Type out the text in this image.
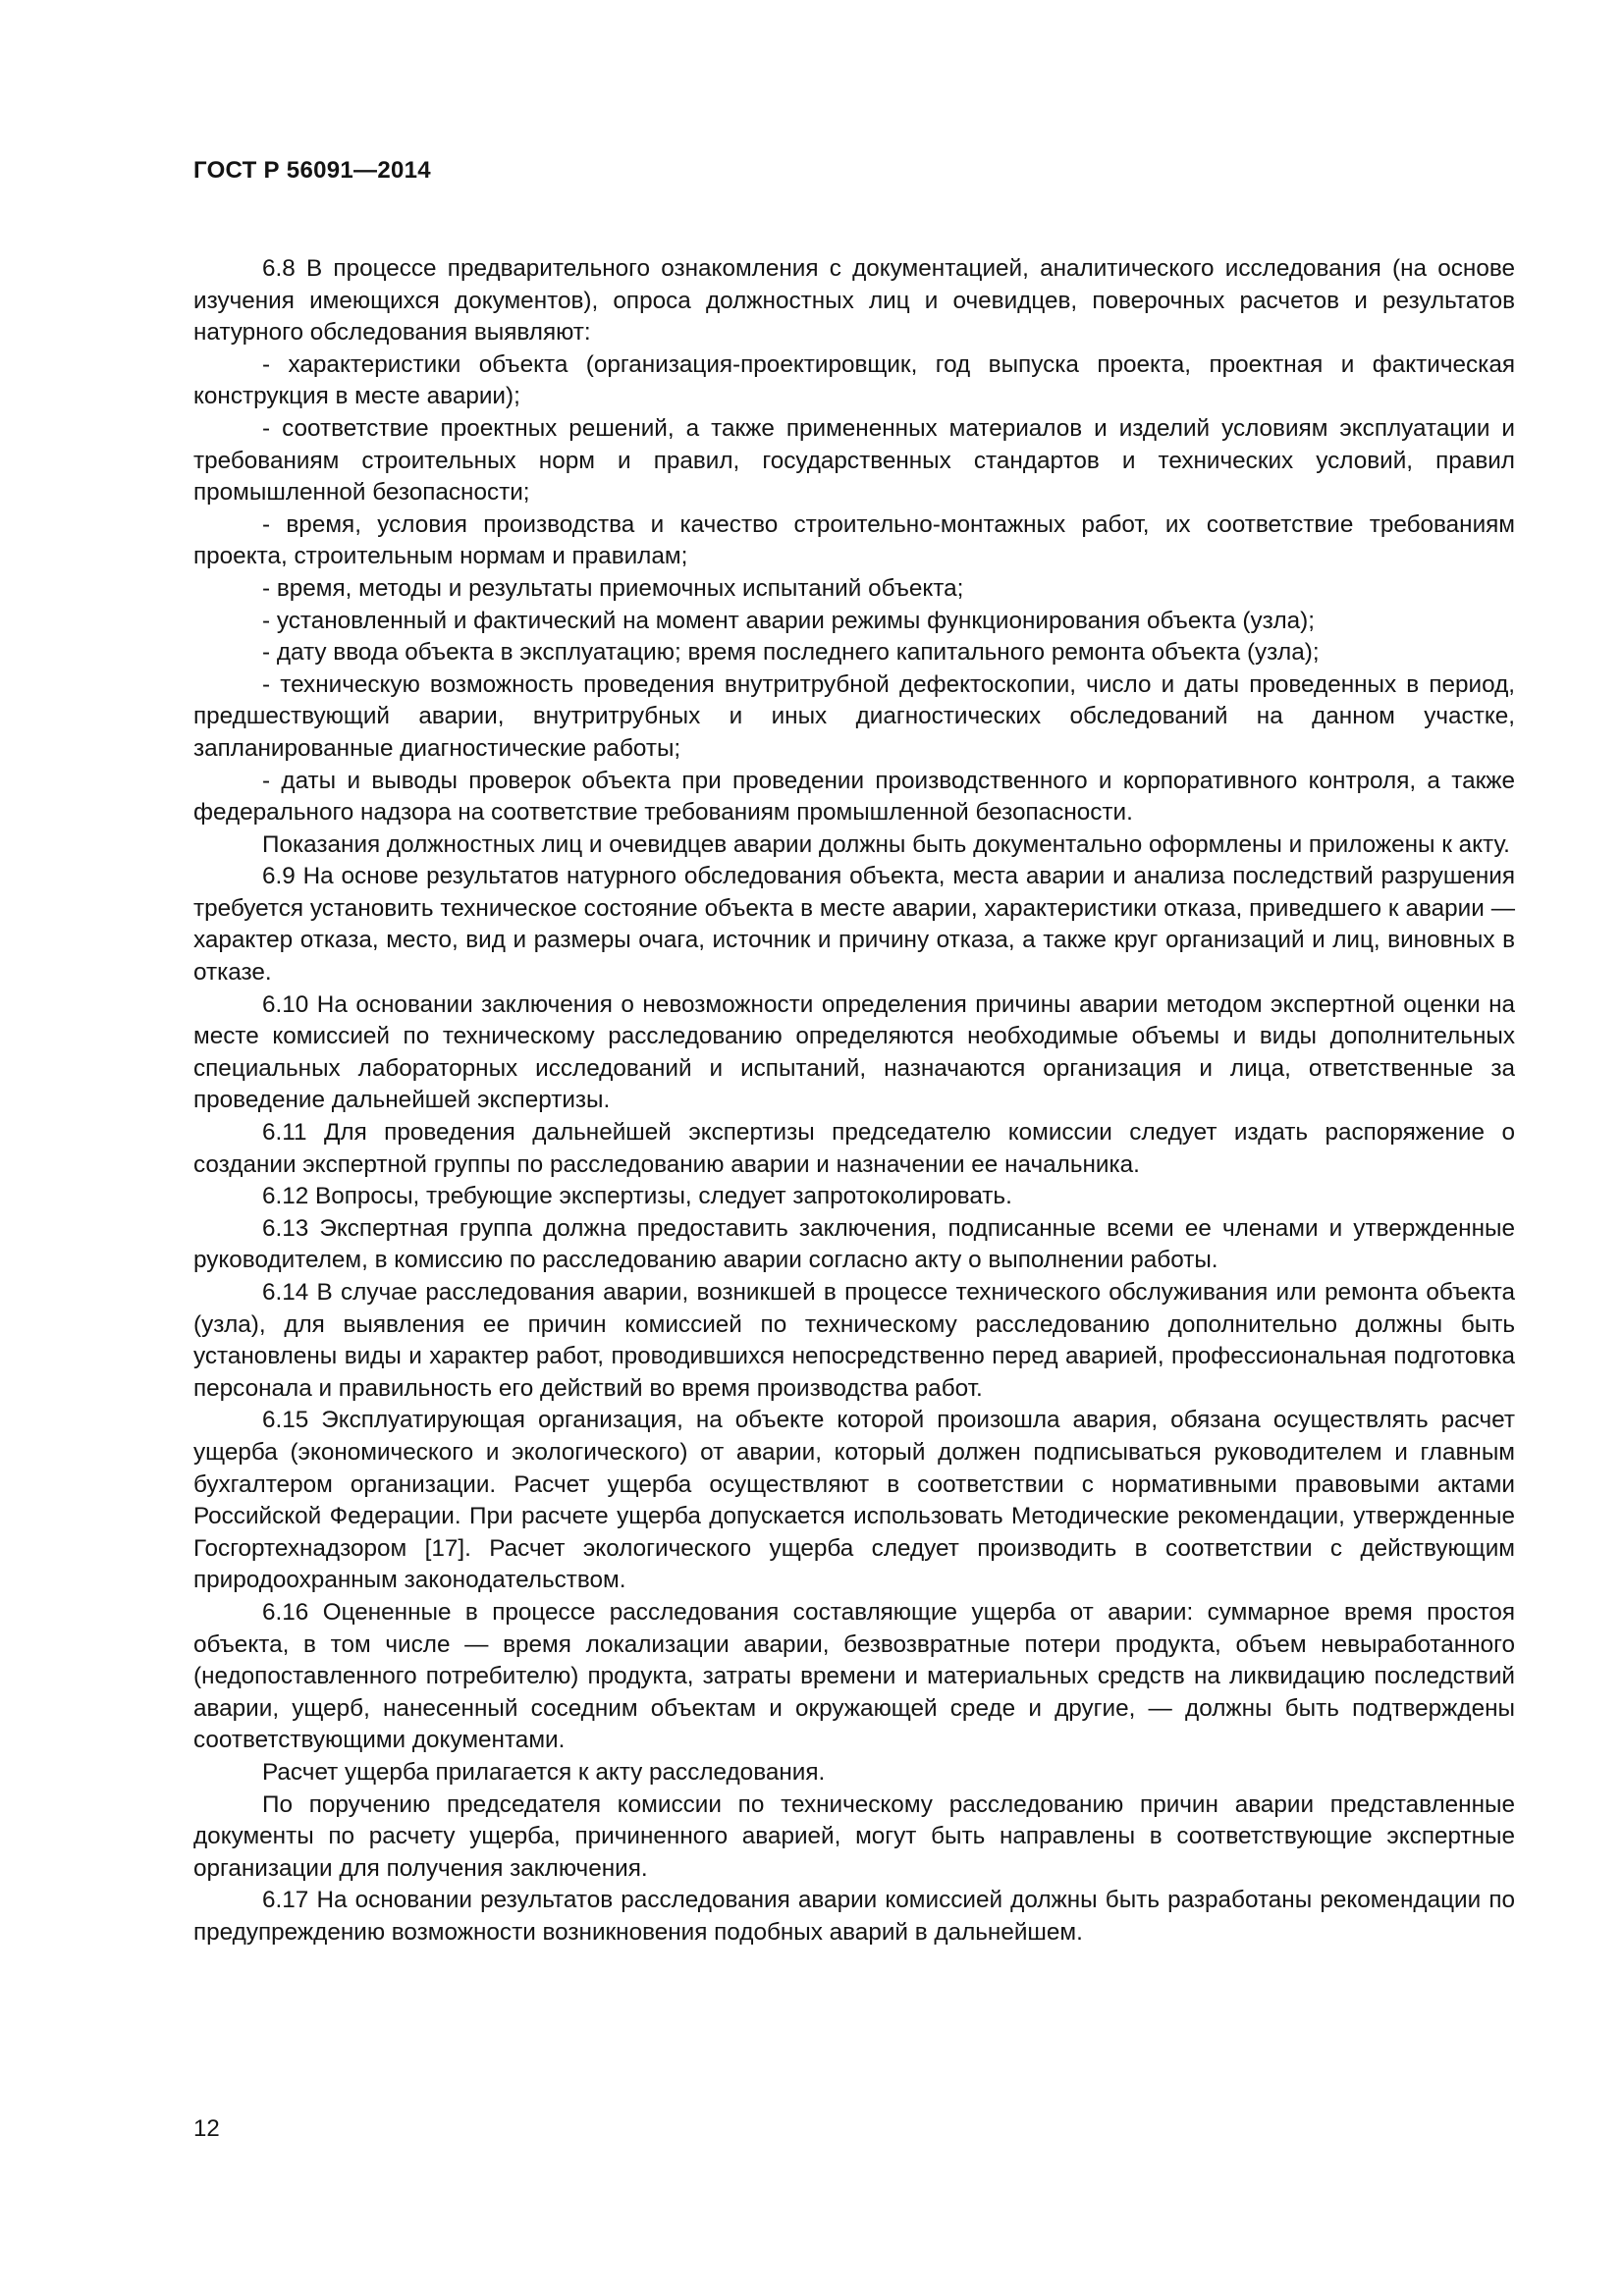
ГОСТ Р 56091—2014

6.8 В процессе предварительного ознакомления с документацией, аналитического исследования (на основе изучения имеющихся документов), опроса должностных лиц и очевидцев, поверочных расчетов и результатов натурного обследования выявляют:

- характеристики объекта (организация-проектировщик, год выпуска проекта, проектная и фактическая конструкция в месте аварии);

- соответствие проектных решений, а также примененных материалов и изделий условиям эксплуатации и требованиям строительных норм и правил, государственных стандартов и технических условий, правил промышленной безопасности;

- время, условия производства и качество строительно-монтажных работ, их соответствие требованиям проекта, строительным нормам и правилам;

- время, методы и результаты приемочных испытаний объекта;

- установленный и фактический на момент аварии режимы функционирования объекта (узла);

- дату ввода объекта в эксплуатацию; время последнего капитального ремонта объекта (узла);

- техническую возможность проведения внутритрубной дефектоскопии, число и даты проведенных в период, предшествующий аварии, внутритрубных и иных диагностических обследований на данном участке, запланированные диагностические работы;

- даты и выводы проверок объекта при проведении производственного и корпоративного контроля, а также федерального надзора на соответствие требованиям промышленной безопасности.

Показания должностных лиц и очевидцев аварии должны быть документально оформлены и приложены к акту.

6.9 На основе результатов натурного обследования объекта, места аварии и анализа последствий разрушения требуется установить техническое состояние объекта в месте аварии, характеристики отказа, приведшего к аварии — характер отказа, место, вид и размеры очага, источник и причину отказа, а также круг организаций и лиц, виновных в отказе.

6.10 На основании заключения о невозможности определения причины аварии методом экспертной оценки на месте комиссией по техническому расследованию определяются необходимые объемы и виды дополнительных специальных лабораторных исследований и испытаний, назначаются организация и лица, ответственные за проведение дальнейшей экспертизы.

6.11 Для проведения дальнейшей экспертизы председателю комиссии следует издать распоряжение о создании экспертной группы по расследованию аварии и назначении ее начальника.

6.12 Вопросы, требующие экспертизы, следует запротоколировать.

6.13 Экспертная группа должна предоставить заключения, подписанные всеми ее членами и утвержденные руководителем, в комиссию по расследованию аварии согласно акту о выполнении работы.

6.14 В случае расследования аварии, возникшей в процессе технического обслуживания или ремонта объекта (узла), для выявления ее причин комиссией по техническому расследованию дополнительно должны быть установлены виды и характер работ, проводившихся непосредственно перед аварией, профессиональная подготовка персонала и правильность его действий во время производства работ.

6.15 Эксплуатирующая организация, на объекте которой произошла авария, обязана осуществлять расчет ущерба (экономического и экологического) от аварии, который должен подписываться руководителем и главным бухгалтером организации. Расчет ущерба осуществляют в соответствии с нормативными правовыми актами Российской Федерации. При расчете ущерба допускается использовать Методические рекомендации, утвержденные Госгортехнадзором [17]. Расчет экологического ущерба следует производить в соответствии с действующим природоохранным законодательством.

6.16 Оцененные в процессе расследования составляющие ущерба от аварии: суммарное время простоя объекта, в том числе — время локализации аварии, безвозвратные потери продукта, объем невыработанного (недопоставленного потребителю) продукта, затраты времени и материальных средств на ликвидацию последствий аварии, ущерб, нанесенный соседним объектам и окружающей среде и другие, — должны быть подтверждены соответствующими документами.

Расчет ущерба прилагается к акту расследования.

По поручению председателя комиссии по техническому расследованию причин аварии представленные документы по расчету ущерба, причиненного аварией, могут быть направлены в соответствующие экспертные организации для получения заключения.

6.17 На основании результатов расследования аварии комиссией должны быть разработаны рекомендации по предупреждению возможности возникновения подобных аварий в дальнейшем.

12
